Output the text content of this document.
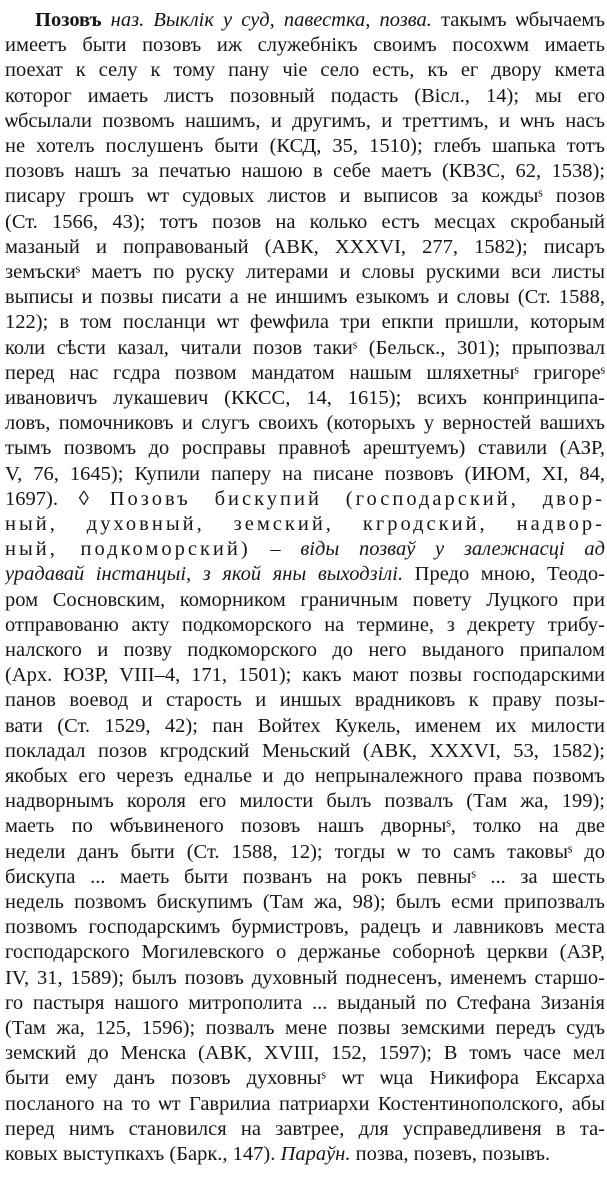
Позовъ наз. Выклік у суд, павестка, позва. такымъ ѡбычаемъ
имеетъ быти позовъ иж служебнікъ своимъ посохѡм имаеть
поехат к селу к тому пану чіе село есть, къ ег двору кмета
которог имаеть листъ позовный подасть (Вісл., 14); мы его
ѡбсылали позвомъ нашимъ, и другимъ, и треттимъ, и ѡнъ насъ
не хотелъ послушенъ быти (КСД, 35, 1510); глебъ шапька тотъ
позовъ нашъ за печатью нашою в себе маетъ (КВЗС, 62, 1538);
писару грошъ ѡт судовых листов и выписов за кождыˢ позов
(Ст. 1566, 43); тотъ позов на колько естъ месцах скробаный
мазаный и поправованый (АВК, XXXVI, 277, 1582); писаръ
земъскиˢ маетъ по руску литерами и словы рускими вси листы
выписы и позвы писати а не иншимъ езыкомъ и словы (Ст. 1588,
122); в том посланци ѡт феѡфила три епкпи пришли, которым
коли сѣсти казал, читали позов такиˢ (Бельск., 301); прыпозвал
перед нас гсдра позвом мандатом нашым шляхетныˢ григореˢ
ивановичъ лукашевич (ККСС, 14, 1615); всихъ конпринципа-
ловъ, помочниковъ и слугъ своихъ (которыхъ у верностей вашихъ
тымъ позвомъ до росправы правноѣ арештуемъ) ставили (АЗР,
V, 76, 1645); Купили паперу на писане позвовъ (ИЮМ, XI, 84,
1697). ◊ Позовъ бискупий (господарский, двор-
ный, духовный, земский, кгродский, надвор-
ный, подкоморский) – віды позваў у залежнасці ад
урадавай інстанцыі, з якой яны выходзілі. Предо мною, Теодо-
ром Сосновским, коморником граничным повету Луцкого при
отправованю акту подкоморского на термине, з декрету трибу-
налского и позву подкоморского до него выданого припалом
(Арх. ЮЗР, VIII–4, 171, 1501); какъ мают позвы господарскими
панов воевод и старость и иншых врадниковъ к праву позы-
вати (Ст. 1529, 42); пан Войтех Кукель, именем их милости
покладал позов кгродский Меньский (АВК, XXXVI, 53, 1582);
якобых его черезъ едналье и до непрыналежного права позвомъ
надворнымъ короля его милости былъ позвалъ (Там жа, 199);
маеть по ѡбъвиненого позовъ нашъ дворныˢ, толко на две
недели данъ быти (Ст. 1588, 12); тогды ѡ то самъ таковыˢ до
бискупа ... маеть быти позванъ на рокъ певныˢ ... за шесть
недель позвомъ бискупимъ (Там жа, 98); былъ есми припозвалъ
позвомъ господарскимъ бурмистровъ, радецъ и лавниковъ места
господарского Могилевского о держанье соборноѣ церкви (АЗР,
IV, 31, 1589); былъ позовъ духовный поднесенъ, именемъ старшо-
го пастыря нашого митрополита ... выданый по Стефана Зизанія
(Там жа, 125, 1596); позвалъ мене позвы земскими передъ судъ
земский до Менска (АВК, XVIII, 152, 1597); В томъ часе мел
быти ему данъ позовъ духовныˢ ѡт ѡца Никифора Ексарха
посланого на то ѡт Гаврилиа патриархи Костентинополского, абы
перед нимъ становился на завтрее, для усправедливеня в та-
ковых выступкахъ (Барк., 147). Параўн. позва, позевъ, позывъ.
